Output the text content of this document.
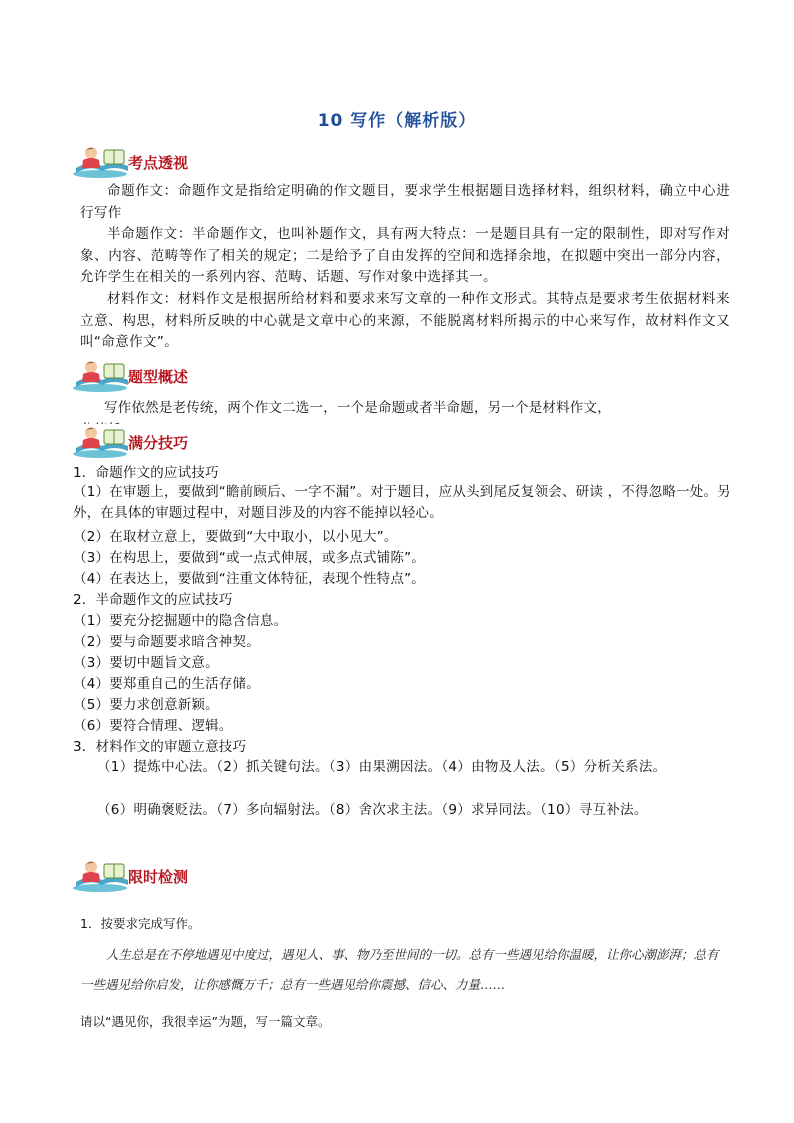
10 写作（解析版）
考点透视
命题作文：命题作文是指给定明确的作文题目，要求学生根据题目选择材料，组织材料，确立中心进行写作
半命题作文：半命题作文，也叫补题作文，具有两大特点：一是题目具有一定的限制性，即对写作对象、内容、范畴等作了相关的规定；二是给予了自由发挥的空间和选择余地，在拟题中突出一部分内容，允许学生在相关的一系列内容、范畴、话题、写作对象中选择其一。
材料作文：材料作文是根据所给材料和要求来写文章的一种作文形式。其特点是要求考生依据材料来立意、构思，材料所反映的中心就是文章中心的来源，不能脱离材料所揭示的中心来写作，故材料作文又叫“命意作文”。
题型概述
写作依然是老传统，两个作文二选一，一个是命题或者半命题，另一个是材料作文，
满分技巧
1．命题作文的应试技巧
（1）在审题上，要做到“瞻前顾后、一字不漏”。对于题目，应从头到尾反复领会、研读 ，不得忽略一处。另外，在具体的审题过程中，对题目涉及的内容不能掉以轻心。
（2）在取材立意上，要做到“大中取小，以小见大”。
（3）在构思上，要做到“或一点式伸展，或多点式铺陈”。
（4）在表达上，要做到“注重文体特征，表现个性特点”。
2．半命题作文的应试技巧
（1）要充分挖掘题中的隐含信息。
（2）要与命题要求暗含神契。
（3）要切中题旨文意。
（4）要郑重自己的生活存储。
（5）要力求创意新颖。
（6）要符合情理、逻辑。
3．材料作文的审题立意技巧
（1）提炼中心法。（2）抓关键句法。（3）由果溯因法。（4）由物及人法。（5）分析关系法。
（6）明确褒贬法。（7）多向辐射法。（8）舍次求主法。（9）求异同法。（10）寻互补法。
限时检测
1．按要求完成写作。
人生总是在不停地遇见中度过，遇见人、事、物乃至世间的一切。总有一些遇见给你温暖，让你心潮澎湃；总有一些遇见给你启发，让你感慨万千；总有一些遇见给你震撼、信心、力量……
请以“遇见你，我很幸运”为题，写一篇文章。
